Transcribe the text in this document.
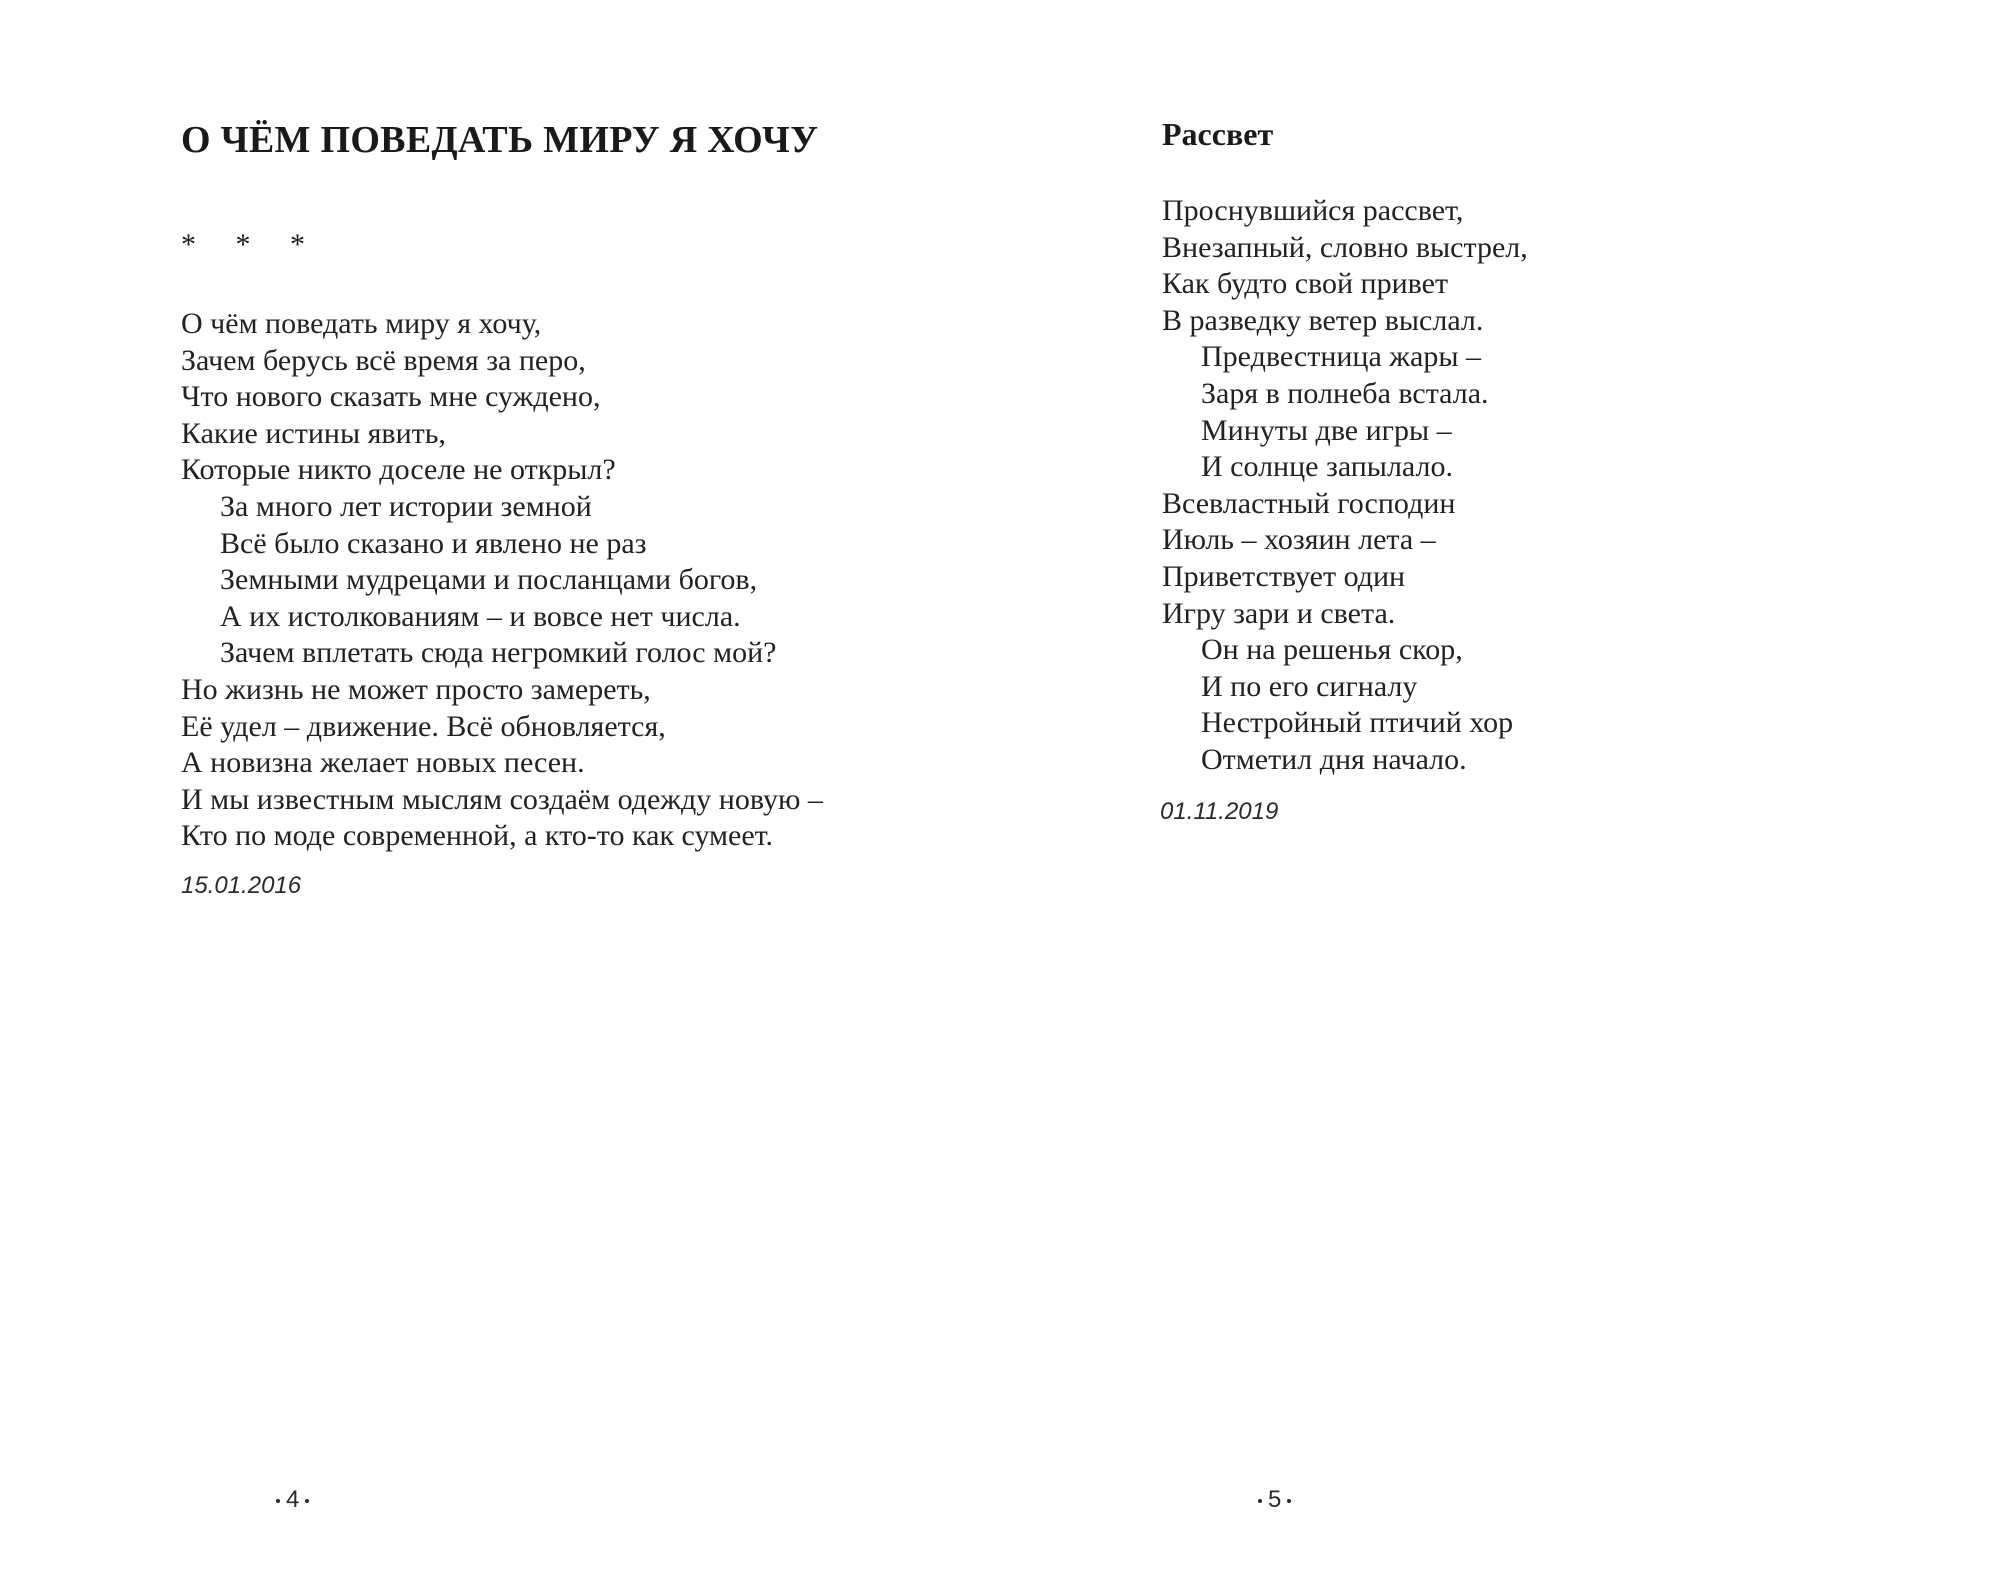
О ЧЁМ ПОВЕДАТЬ МИРУ Я ХОЧУ
* * *
О чём поведать миру я хочу,
Зачем берусь всё время за перо,
Что нового сказать мне суждено,
Какие истины явить,
Которые никто доселе не открыл?
За много лет истории земной
Всё было сказано и явлено не раз
Земными мудрецами и посланцами богов,
А их истолкованиям – и вовсе нет числа.
Зачем вплетать сюда негромкий голос мой?
Но жизнь не может просто замереть,
Её удел – движение. Всё обновляется,
А новизна желает новых песен.
И мы известным мыслям создаём одежду новую –
Кто по моде современной, а кто-то как сумеет.
15.01.2016
4
Рассвет
Проснувшийся рассвет,
Внезапный, словно выстрел,
Как будто свой привет
В разведку ветер выслал.
Предвестница жары –
Заря в полнеба встала.
Минуты две игры –
И солнце запылало.
Всевластный господин
Июль – хозяин лета –
Приветствует один
Игру зари и света.
Он на решенья скор,
И по его сигналу
Нестройный птичий хор
Отметил дня начало.
01.11.2019
5
